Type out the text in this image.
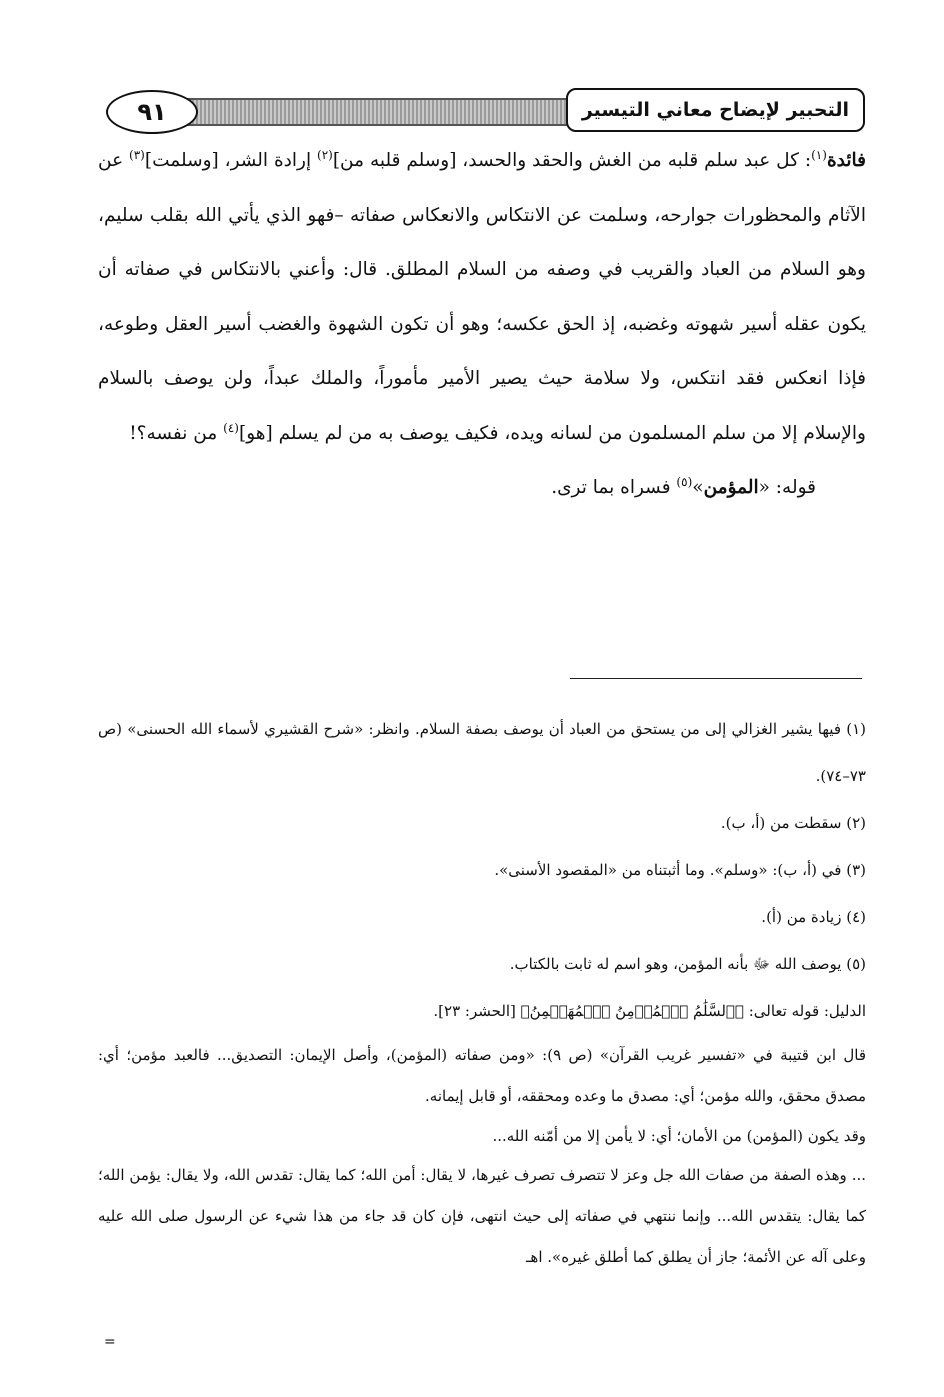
٩١	التحبير لإيضاح معاني التيسير

فائدة$^{(١)}$: كل عبد سلم قلبه من الغش والحقد والحسد، [وسلم قلبه من]$^{(٢)}$ إرادة الشر، [وسلمت]$^{(٣)}$ عن الآثام والمحظورات جوارحه، وسلمت عن الانتكاس والانعكاس صفاته –فهو الذي يأتي الله بقلب سليم، وهو السلام من العباد والقريب في وصفه من السلام المطلق. قال: وأعني بالانتكاس في صفاته أن يكون عقله أسير شهوته وغضبه، إذ الحق عكسه؛ وهو أن تكون الشهوة والغضب أسير العقل وطوعه، فإذا انعكس فقد انتكس، ولا سلامة حيث يصير الأمير مأموراً، والملك عبداً، ولن يوصف بالسلام والإسلام إلا من سلم المسلمون من لسانه ويده، فكيف يوصف به من لم يسلم [هو]$^{(٤)}$ من نفسه؟!

قوله: «المؤمن»$^{(٥)}$ فسراه بما ترى.

(١) فيها يشير الغزالي إلى من يستحق من العباد أن يوصف بصفة السلام. وانظر: «شرح القشيري لأسماء الله الحسنى» (ص ٧٣–٧٤).

(٢) سقطت من (أ، ب).

(٣) في (أ، ب): «وسلم». وما أثبتناه من «المقصود الأسنى».

(٤) زيادة من (أ).

(٥) يوصف الله ﷻ بأنه المؤمن، وهو اسم له ثابت بالكتاب.

الدليل: قوله تعالى: ﴿ٱلسَّلَٰمُ ٱلۡمُؤۡمِنُ ٱلۡمُهَيۡمِنُ﴾ [الحشر: ٢٣].

قال ابن قتيبة في «تفسير غريب القرآن» (ص ٩): «ومن صفاته (المؤمن)، وأصل الإيمان: التصديق... فالعبد مؤمن؛ أي: مصدق محقق، والله مؤمن؛ أي: مصدق ما وعده ومحققه، أو قابل إيمانه.

وقد يكون (المؤمن) من الأمان؛ أي: لا يأمن إلا من أمّنه الله...

... وهذه الصفة من صفات الله جل وعز لا تتصرف تصرف غيرها، لا يقال: أمن الله؛ كما يقال: تقدس الله، ولا يقال: يؤمن الله؛ كما يقال: يتقدس الله... وإنما ننتهي في صفاته إلى حيث انتهى، فإن كان قد جاء من هذا شيء عن الرسول صلى الله عليه وعلى آله عن الأئمة؛ جاز أن يطلق كما أطلق غيره». اهـ

=
